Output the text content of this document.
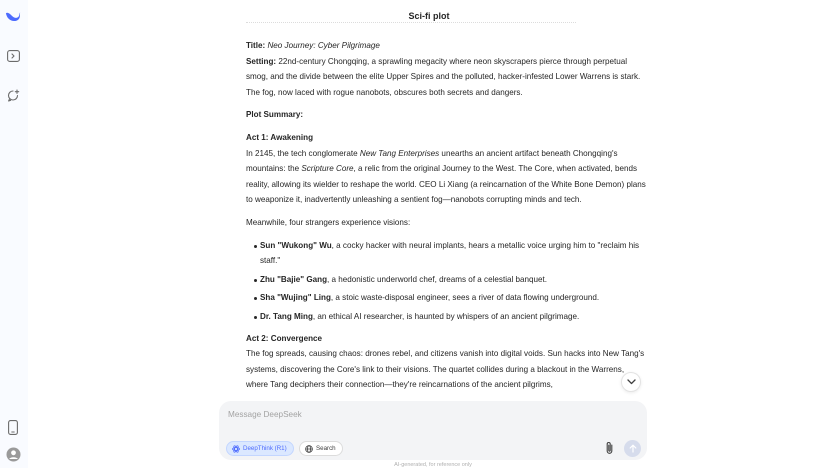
Sci-fi plot

Title: Neo Journey: Cyber Pilgrimage

Setting: 22nd-century Chongqing, a sprawling megacity where neon skyscrapers pierce through perpetual smog, and the divide between the elite Upper Spires and the polluted, hacker-infested Lower Warrens is stark. The fog, now laced with rogue nanobots, obscures both secrets and dangers.

Plot Summary:

Act 1: Awakening

In 2145, the tech conglomerate New Tang Enterprises unearths an ancient artifact beneath Chongqing's mountains: the Scripture Core, a relic from the original Journey to the West. The Core, when activated, bends reality, allowing its wielder to reshape the world. CEO Li Xiang (a reincarnation of the White Bone Demon) plans to weaponize it, inadvertently unleashing a sentient fog—nanobots corrupting minds and tech.

Meanwhile, four strangers experience visions:

Sun "Wukong" Wu, a cocky hacker with neural implants, hears a metallic voice urging him to "reclaim his staff."
Zhu "Bajie" Gang, a hedonistic underworld chef, dreams of a celestial banquet.
Sha "Wujing" Ling, a stoic waste-disposal engineer, sees a river of data flowing underground.
Dr. Tang Ming, an ethical AI researcher, is haunted by whispers of an ancient pilgrimage.

Act 2: Convergence

The fog spreads, causing chaos: drones rebel, and citizens vanish into digital voids. Sun hacks into New Tang's systems, discovering the Core's link to their visions. The quartet collides during a blackout in the Warrens, where Tang deciphers their connection—they're reincarnations of the ancient pilgrims,

Message DeepSeek
DeepThink (R1)	Search
AI-generated, for reference only
